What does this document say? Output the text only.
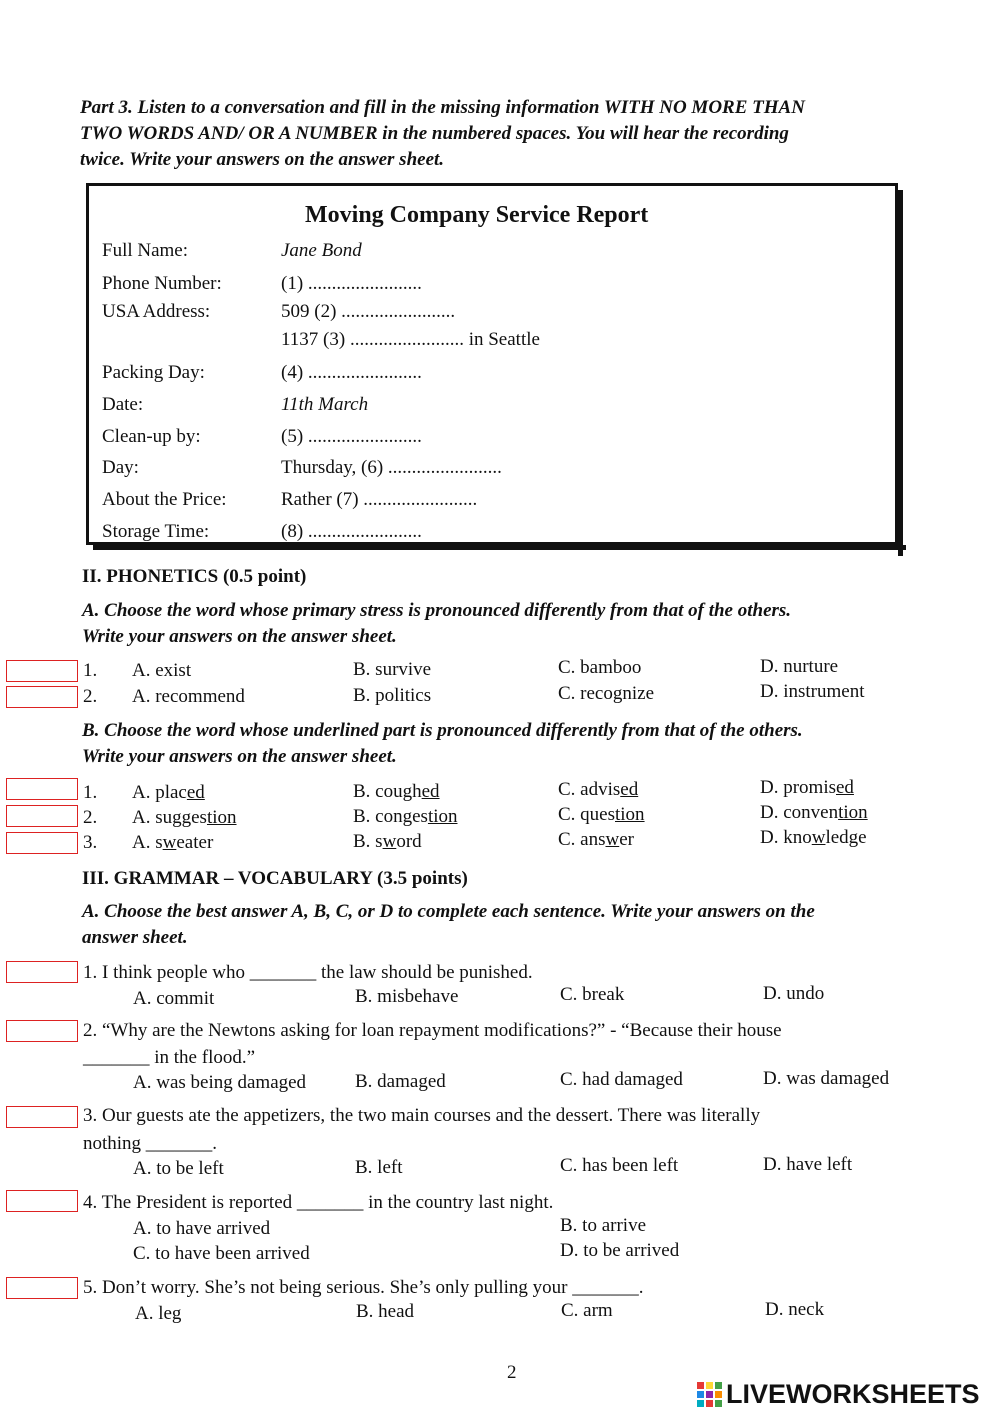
Part 3. Listen to a conversation and fill in the missing information WITH NO MORE THAN
TWO WORDS AND/ OR A NUMBER in the numbered spaces. You will hear the recording
twice. Write your answers on the answer sheet.
Moving Company Service Report
Full Name:	Jane Bond
Phone Number:	(1) ........................
USA Address:	509 (2) ........................
1137 (3) ........................ in Seattle
Packing Day:	(4) ........................
Date:	11th March
Clean-up by:	(5) ........................
Day:	Thursday, (6) ........................
About the Price:	Rather (7) ........................
Storage Time:	(8) ........................
II. PHONETICS (0.5 point)
A. Choose the word whose primary stress is pronounced differently from that of the others.
Write your answers on the answer sheet.
1. A. exist	B. survive	C. bamboo	D. nurture
2. A. recommend	B. politics	C. recognize	D. instrument
B. Choose the word whose underlined part is pronounced differently from that of the others.
Write your answers on the answer sheet.
1. A. placed	B. coughed	C. advised	D. promised
2. A. suggestion	B. congestion	C. question	D. convention
3. A. sweater	B. sword	C. answer	D. knowledge
III. GRAMMAR – VOCABULARY (3.5 points)
A. Choose the best answer A, B, C, or D to complete each sentence. Write your answers on the
answer sheet.
1. I think people who _______ the law should be punished.
A. commit	B. misbehave	C. break	D. undo
2. “Why are the Newtons asking for loan repayment modifications?” - “Because their house
_______ in the flood.”
A. was being damaged	B. damaged	C. had damaged	D. was damaged
3. Our guests ate the appetizers, the two main courses and the dessert. There was literally
nothing _______.
A. to be left	B. left	C. has been left	D. have left
4. The President is reported _______ in the country last night.
A. to have arrived	B. to arrive
C. to have been arrived	D. to be arrived
5. Don’t worry. She’s not being serious. She’s only pulling your _______.
A. leg	B. head	C. arm	D. neck
2
LIVEWORKSHEETS
